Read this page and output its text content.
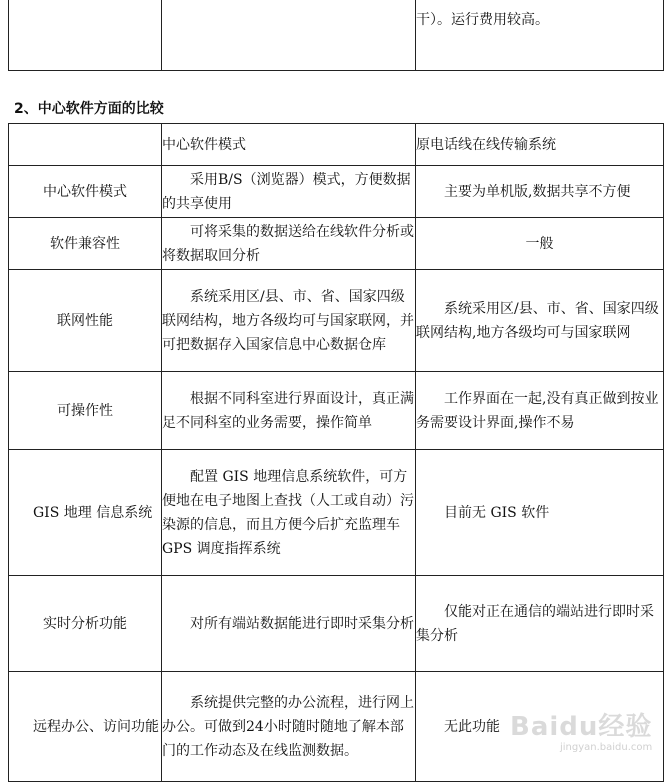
		干）。运行费用较高。
2、中心软件方面的比较
	中心软件模式	原电话线在线传输系统
中心软件模式	采用B/S（浏览器）模式，方便数据的共享使用	主要为单机版,数据共享不方便
软件兼容性	可将采集的数据送给在线软件分析或将数据取回分析	一般
联网性能	系统采用区/县、市、省、国家四级联网结构，地方各级均可与国家联网，并可把数据存入国家信息中心数据仓库	系统采用区/县、市、省、国家四级联网结构,地方各级均可与国家联网
可操作性	根据不同科室进行界面设计，真正满足不同科室的业务需要，操作简单	工作界面在一起,没有真正做到按业务需要设计界面,操作不易
GIS 地理 信息系统	配置 GIS 地理信息系统软件，可方便地在电子地图上查找（人工或自动）污染源的信息，而且方便今后扩充监理车 GPS 调度指挥系统	目前无 GIS 软件
实时分析功能	对所有端站数据能进行即时采集分析	仅能对正在通信的端站进行即时采集分析
远程办公、访问功能	系统提供完整的办公流程，进行网上办公。可做到24小时随时随地了解本部门的工作动态及在线监测数据。	无此功能 Baidu经验
jingyan.baidu.com
